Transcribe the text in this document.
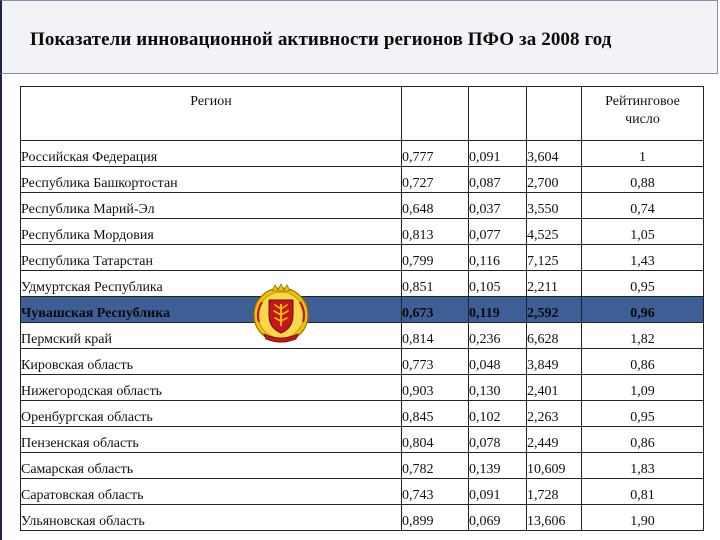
Показатели инновационной активности регионов ПФО за 2008 год
Регион				Рейтинговое
число
Российская Федерация	0,777	0,091	3,604	1
Республика Башкортостан	0,727	0,087	2,700	0,88
Республика Марий-Эл	0,648	0,037	3,550	0,74
Республика Мордовия	0,813	0,077	4,525	1,05
Республика Татарстан	0,799	0,116	7,125	1,43
Удмуртская Республика	0,851	0,105	2,211	0,95
Чувашская Республика	0,673	0,119	2,592	0,96
Пермский край	0,814	0,236	6,628	1,82
Кировская область	0,773	0,048	3,849	0,86
Нижегородская область	0,903	0,130	2,401	1,09
Оренбургская область	0,845	0,102	2,263	0,95
Пензенская область	0,804	0,078	2,449	0,86
Самарская область	0,782	0,139	10,609	1,83
Саратовская область	0,743	0,091	1,728	0,81
Ульяновская область	0,899	0,069	13,606	1,90
